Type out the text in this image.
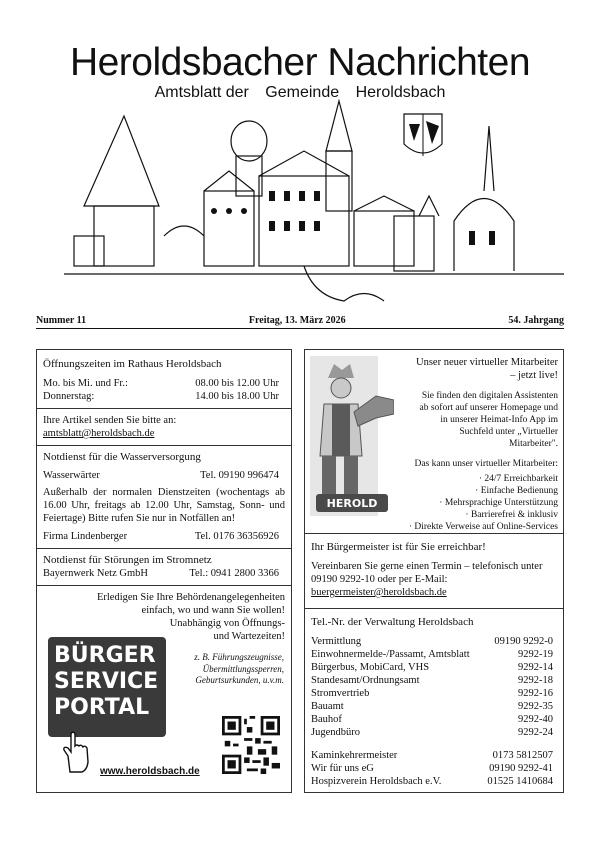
Heroldsbacher Nachrichten
Amtsblatt der Gemeinde Heroldsbach
Nummer 11	Freitag, 13. März 2026	54. Jahrgang
Öffnungszeiten im Rathaus Heroldsbach
Mo. bis Mi. und Fr.:	08.00 bis 12.00 Uhr
Donnerstag:	14.00 bis 18.00 Uhr
Ihre Artikel senden Sie bitte an:
amtsblatt@heroldsbach.de
Notdienst für die Wasserversorgung
Wasserwärter	Tel. 09190 996474
Außerhalb der normalen Dienstzeiten (wochentags ab 16.00 Uhr, freitags ab 12.00 Uhr, Samstag, Sonn- und Feiertage) Bitte rufen Sie nur in Notfällen an!
Firma Lindenberger	Tel. 0176 36356926
Notdienst für Störungen im Stromnetz
Bayernwerk Netz GmbH	Tel.: 0941 2800 3366
Erledigen Sie Ihre Behördenangelegenheiten
einfach, wo und wann Sie wollen!
Unabhängig von Öffnungs-
und Wartezeiten!
BÜRGER
SERVICE
PORTAL
z. B. Führungszeugnisse, Übermittlungssperren, Geburtsurkunden, u.v.m.
www.heroldsbach.de
Ihr Bürgermeister ist für Sie erreichbar!
Vereinbaren Sie gerne einen Termin – telefonisch unter 09190 9292-10 oder per E-Mail:
buergermeister@heroldsbach.de
Tel.-Nr. der Verwaltung Heroldsbach
Vermittlung	09190 9292-0
Einwohnermelde-/Passamt, Amtsblatt	9292-19
Bürgerbus, MobiCard, VHS	9292-14
Standesamt/Ordnungsamt	9292-18
Stromvertrieb	9292-16
Bauamt	9292-35
Bauhof	9292-40
Jugendbüro	9292-24
Kaminkehrermeister	0173 5812507
Wir für uns eG	09190 9292-41
Hospizverein Heroldsbach e.V.	01525 1410684
HEROLD
Unser neuer virtueller Mitarbeiter
– jetzt live!
Sie finden den digitalen Assistenten ab sofort auf unserer Homepage und in unserer Heimat-Info App im Suchfeld unter „Virtueller Mitarbeiter".
Das kann unser virtueller Mitarbeiter:
· 24/7 Erreichbarkeit
· Einfache Bedienung
· Mehrsprachige Unterstützung
· Barrierefrei & inklusiv
· Direkte Verweise auf Online-Services
